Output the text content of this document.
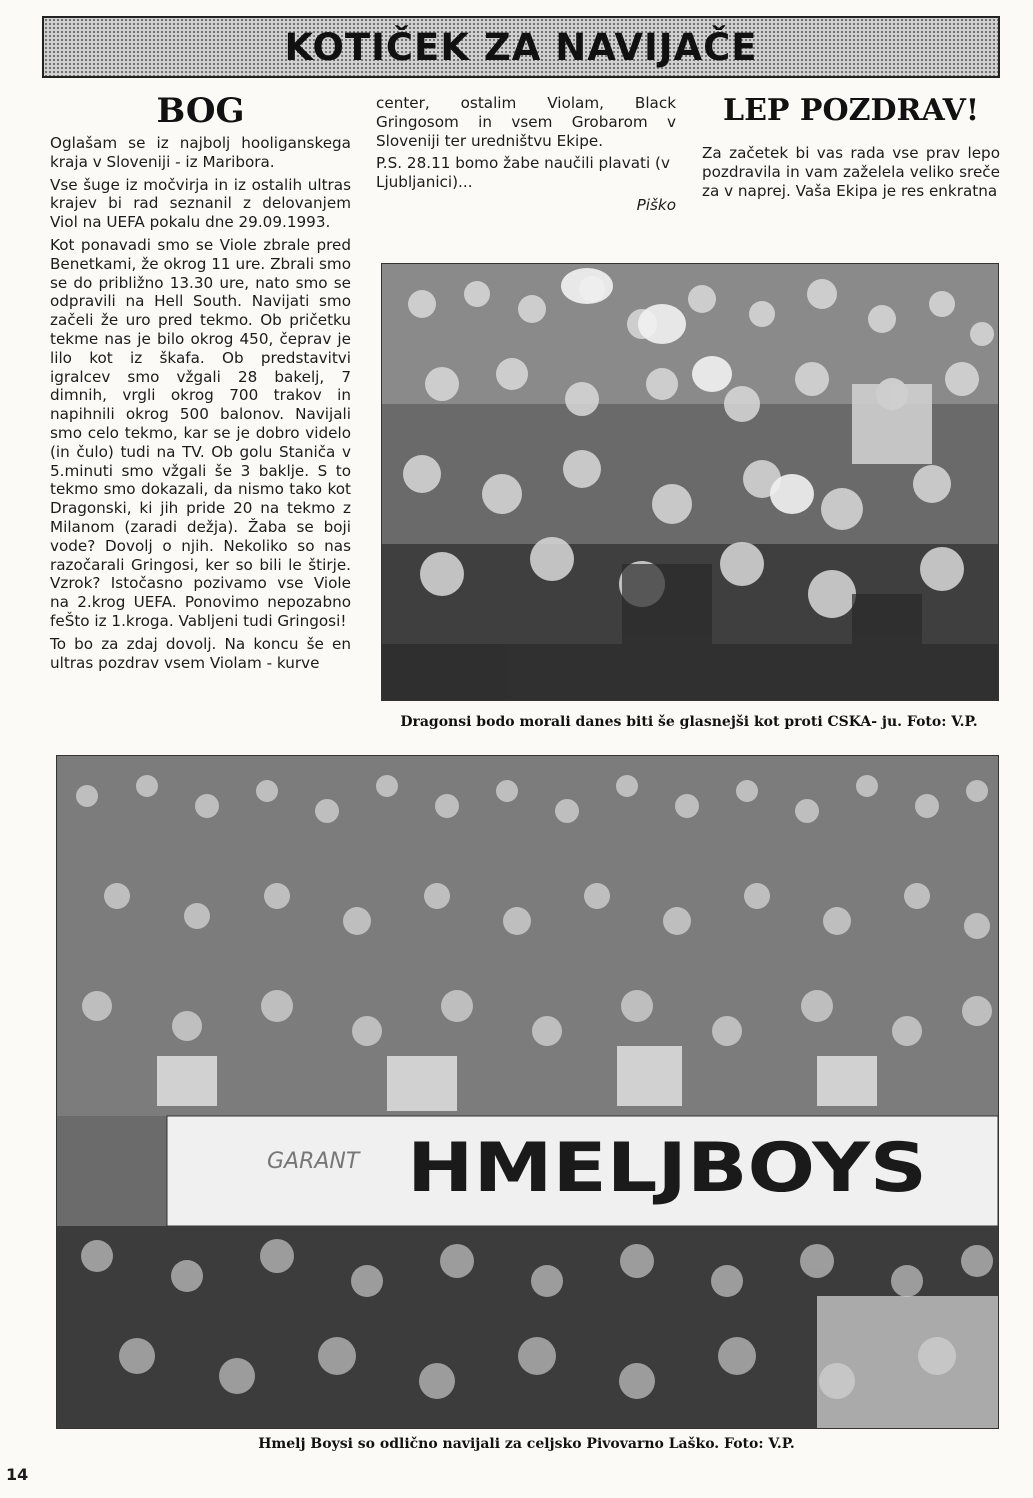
KOTIČEK ZA NAVIJAČE
BOG

Oglašam se iz najbolj hooliganskega kraja v Sloveniji - iz Maribora.

Vse šuge iz močvirja in iz ostalih ultras krajev bi rad seznanil z delovanjem Viol na UEFA pokalu dne 29.09.1993.

Kot ponavadi smo se Viole zbrale pred Benetkami, že okrog 11 ure. Zbrali smo se do približno 13.30 ure, nato smo se odpravili na Hell South. Navijati smo začeli že uro pred tekmo. Ob pričetku tekme nas je bilo okrog 450, čeprav je lilo kot iz škafa. Ob predstavitvi igralcev smo vžgali 28 bakelj, 7 dimnih, vrgli okrog 700 trakov in napihnili okrog 500 balonov. Navijali smo celo tekmo, kar se je dobro videlo (in čulo) tudi na TV. Ob golu Staniča v 5.minuti smo vžgali še 3 baklje. S to tekmo smo dokazali, da nismo tako kot Dragonski, ki jih pride 20 na tekmo z Milanom (zaradi dežja). Žaba se boji vode? Dovolj o njih. Nekoliko so nas razočarali Gringosi, ker so bili le štirje. Vzrok? Istočasno pozivamo vse Viole na 2.krog UEFA. Ponovimo nepozabno feŠto iz 1.kroga. Vabljeni tudi Gringosi!

To bo za zdaj dovolj. Na koncu še en ultras pozdrav vsem Violam - kurve

center, ostalim Violam, Black Gringosom in vsem Grobarom v Sloveniji ter uredništvu Ekipe.

P.S. 28.11 bomo žabe naučili plavati (v Ljubljanici)...

Piško
LEP POZDRAV!

Za začetek bi vas rada vse prav lepo pozdravila in vam zaželela veliko sreče za v naprej. Vaša Ekipa je res enkratna

Dragonsi bodo morali danes biti še glasnejši kot proti CSKA- ju. Foto: V.P.
HMELJBOYS
GARANT
Hmelj Boysi so odlično navijali za celjsko Pivovarno Laško. Foto: V.P.
14
